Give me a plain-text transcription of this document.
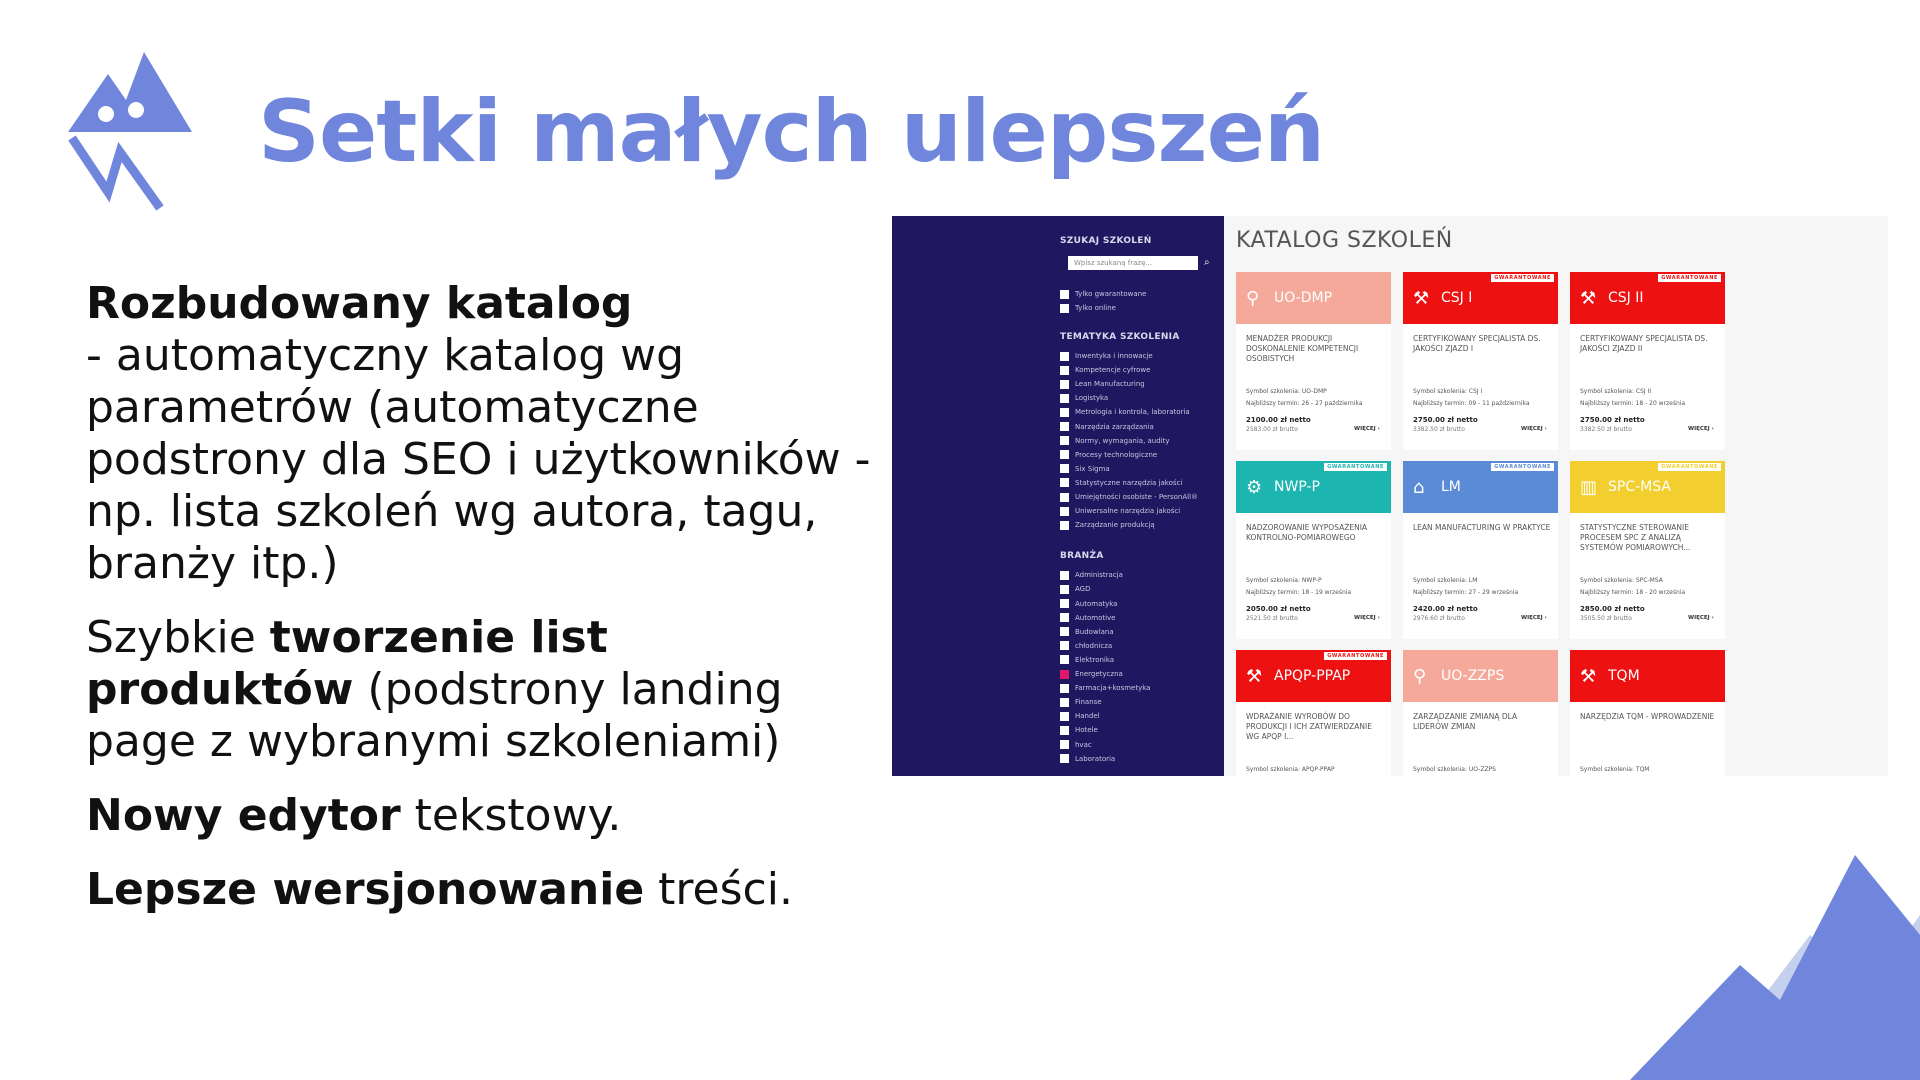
Setki małych ulepszeń
Rozbudowany katalog
- automatyczny katalog wg parametrów (automatyczne podstrony dla SEO i użytkowników - np. lista szkoleń wg autora, tagu, branży itp.)
Szybkie tworzenie list produktów (podstrony landing page z wybranymi szkoleniami)
Nowy edytor tekstowy.
Lepsze wersjonowanie treści.
SZUKAJ SZKOLEŃ
Wpisz szukaną frazę...	⌕
Tylko gwarantowane
Tylko online
TEMATYKA SZKOLENIA
Inwentyka i innowacje
Kompetencje cyfrowe
Lean Manufacturing
Logistyka
Metrologia i kontrola, laboratoria
Narzędzia zarządzania
Normy, wymagania, audity
Procesy technologiczne
Six Sigma
Statystyczne narzędzia jakości
Umiejętności osobiste - PersonAll®
Uniwersalne narzędzia jakości
Zarządzanie produkcją
BRANŻA
Administracja
AGD
Automatyka
Automotive
Budowlana
chłodnicza
Elektronika
Energetyczna
Farmacja+kosmetyka
Finanse
Handel
Hotele
hvac
Laboratoria
KATALOG SZKOLEŃ
⚲	UO-DMP
MENADŻER PRODUKCJI DOSKONALENIE KOMPETENCJI OSOBISTYCH
Symbol szkolenia: UO-DMP
Najbliższy termin: 26 - 27 października
2100.00 zł netto
2583.00 zł brutto	WIĘCEJ ›
⚒ CSJ I
GWARANTOWANE
CERTYFIKOWANY SPECJALISTA DS. JAKOŚCI ZJAZD I
Symbol szkolenia: CSJ I
Najbliższy termin: 09 - 11 października
2750.00 zł netto
3382.50 zł brutto	WIĘCEJ ›
⚒ CSJ II
GWARANTOWANE
CERTYFIKOWANY SPECJALISTA DS. JAKOŚCI ZJAZD II
Symbol szkolenia: CSJ II
Najbliższy termin: 18 - 20 września
2750.00 zł netto
3382.50 zł brutto	WIĘCEJ ›
⚙ NWP-P
GWARANTOWANE
NADZOROWANIE WYPOSAŻENIA KONTROLNO-POMIAROWEGO
Symbol szkolenia: NWP-P
Najbliższy termin: 18 - 19 września
2050.00 zł netto
2521.50 zł brutto	WIĘCEJ ›
⌂	LM
GWARANTOWANE
LEAN MANUFACTURING W PRAKTYCE
Symbol szkolenia: LM
Najbliższy termin: 27 - 29 września
2420.00 zł netto
2976.60 zł brutto	WIĘCEJ ›
▥ SPC-MSA
GWARANTOWANE
STATYSTYCZNE STEROWANIE PROCESEM SPC Z ANALIZĄ SYSTEMÓW POMIAROWYCH...
Symbol szkolenia: SPC-MSA
Najbliższy termin: 18 - 20 września
2850.00 zł netto
3505.50 zł brutto	WIĘCEJ ›
⚒ APQP-PPAP
GWARANTOWANE
WDRAŻANIE WYROBÓW DO PRODUKCJI I ICH ZATWIERDZANIE WG APQP I...
Symbol szkolenia: APQP-PPAP
⚲	UO-ZZPS
ZARZĄDZANIE ZMIANĄ DLA LIDERÓW ZMIAN
Symbol szkolenia: UO-ZZPS
⚒ TQM
NARZĘDZIA TQM - WPROWADZENIE
Symbol szkolenia: TQM
